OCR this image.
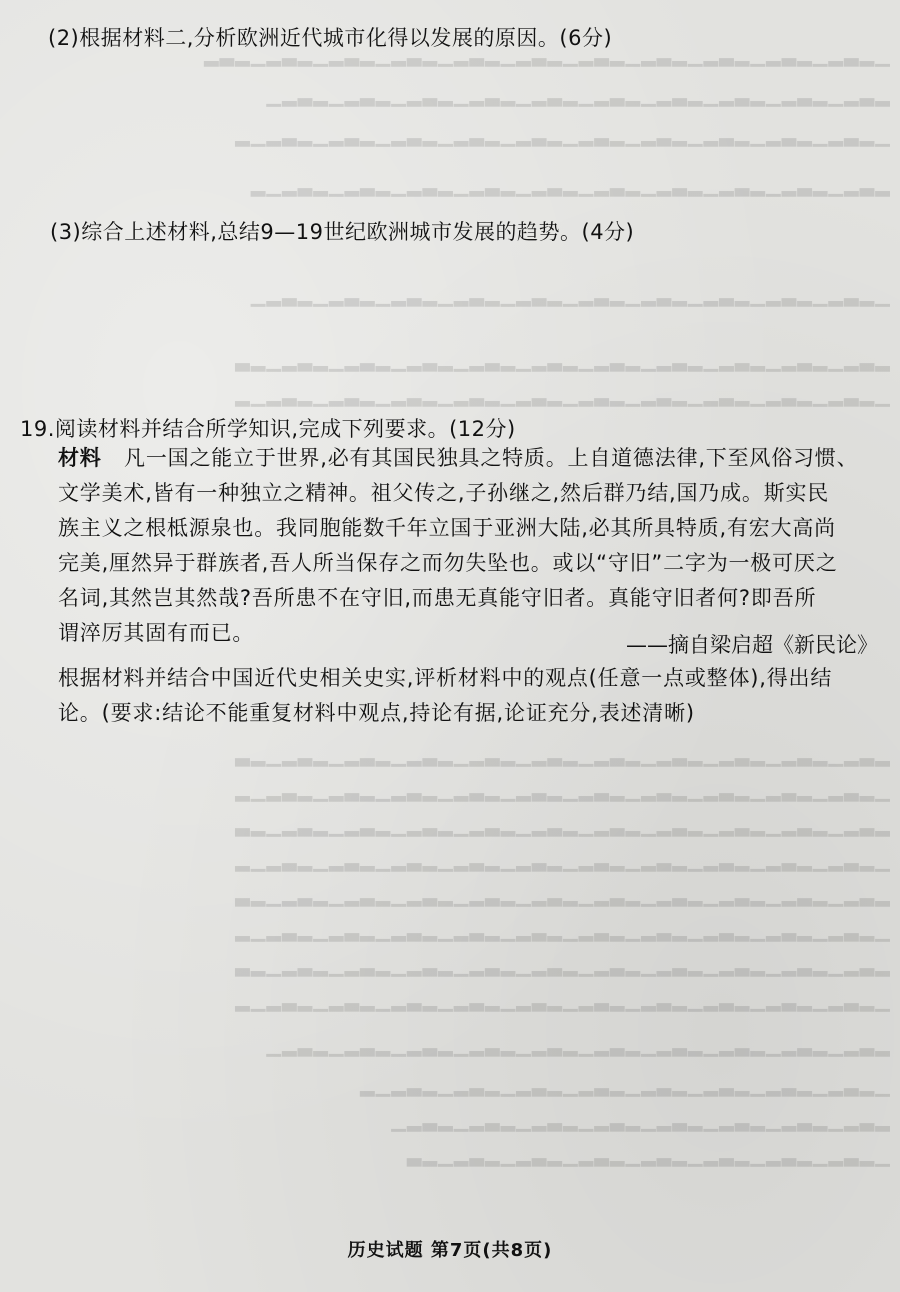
▁▂▃▂▁▂▃▂▁▂▃▂▁▂▃▂▁▂▃▂▁▂▃▂▁▂▃▂▁▂▃▂▁▂▃▂▁▂▃▂▁▂▃▂
▂▃▂▁▂▃▂▁▂▃▂▁▂▃▂▁▂▃▂▁▂▃▂▁▂▃▂▁▂▃▂▁▂▃▂▁▂▃▂▁
▁▂▃▂▁▂▃▂▁▂▃▂▁▂▃▂▁▂▃▂▁▂▃▂▁▂▃▂▁▂▃▂▁▂▃▂▁▂▃▂▁▂
▂▃▂▁▂▃▂▁▂▃▂▁▂▃▂▁▂▃▂▁▂▃▂▁▂▃▂▁▂▃▂▁▂▃▂▁▂▃▂▁▂
▁▂▃▂▁▂▃▂▁▂▃▂▁▂▃▂▁▂▃▂▁▂▃▂▁▂▃▂▁▂▃▂▁▂▃▂▁▂▃▂▁
▂▃▂▁▂▃▂▁▂▃▂▁▂▃▂▁▂▃▂▁▂▃▂▁▂▃▂▁▂▃▂▁▂▃▂▁▂▃▂▁▂▃
▁▂▃▂▁▂▃▂▁▂▃▂▁▂▃▂▁▂▃▂▁▂▃▂▁▂▃▂▁▂▃▂▁▂▃▂▁▂▃▂▁▂
▂▃▂▁▂▃▂▁▂▃▂▁▂▃▂▁▂▃▂▁▂▃▂▁▂▃▂▁▂▃▂▁▂▃▂▁▂▃▂▁▂▃
▁▂▃▂▁▂▃▂▁▂▃▂▁▂▃▂▁▂▃▂▁▂▃▂▁▂▃▂▁▂▃▂▁▂▃▂▁▂▃▂▁▂
▂▃▂▁▂▃▂▁▂▃▂▁▂▃▂▁▂▃▂▁▂▃▂▁▂▃▂▁▂▃▂▁▂▃▂▁▂▃▂▁▂▃
▁▂▃▂▁▂▃▂▁▂▃▂▁▂▃▂▁▂▃▂▁▂▃▂▁▂▃▂▁▂▃▂▁▂▃▂▁▂▃▂▁▂
▂▃▂▁▂▃▂▁▂▃▂▁▂▃▂▁▂▃▂▁▂▃▂▁▂▃▂▁▂▃▂▁▂▃▂▁▂▃▂▁▂▃
▁▂▃▂▁▂▃▂▁▂▃▂▁▂▃▂▁▂▃▂▁▂▃▂▁▂▃▂▁▂▃▂▁▂▃▂▁▂▃▂▁▂
▂▃▂▁▂▃▂▁▂▃▂▁▂▃▂▁▂▃▂▁▂▃▂▁▂▃▂▁▂▃▂▁▂▃▂▁▂▃▂▁▂▃
▁▂▃▂▁▂▃▂▁▂▃▂▁▂▃▂▁▂▃▂▁▂▃▂▁▂▃▂▁▂▃▂▁▂▃▂▁▂▃▂▁▂
▂▃▂▁▂▃▂▁▂▃▂▁▂▃▂▁▂▃▂▁▂▃▂▁▂▃▂▁▂▃▂▁▂▃▂▁▂▃▂▁
▁▂▃▂▁▂▃▂▁▂▃▂▁▂▃▂▁▂▃▂▁▂▃▂▁▂▃▂▁▂▃▂▁▂
▂▃▂▁▂▃▂▁▂▃▂▁▂▃▂▁▂▃▂▁▂▃▂▁▂▃▂▁▂▃▂▁
▁▂▃▂▁▂▃▂▁▂▃▂▁▂▃▂▁▂▃▂▁▂▃▂▁▂▃▂▁▂▃
(2)根据材料二,分析欧洲近代城市化得以发展的原因。(6分)
(3)综合上述材料,总结9—19世纪欧洲城市发展的趋势。(4分)
19.阅读材料并结合所学知识,完成下列要求。(12分)
材料 凡一国之能立于世界,必有其国民独具之特质。上自道德法律,下至风俗习惯、
文学美术,皆有一种独立之精神。祖父传之,子孙继之,然后群乃结,国乃成。斯实民
族主义之根柢源泉也。我同胞能数千年立国于亚洲大陆,必其所具特质,有宏大高尚
完美,厘然异于群族者,吾人所当保存之而勿失坠也。或以“守旧”二字为一极可厌之
名词,其然岂其然哉?吾所患不在守旧,而患无真能守旧者。真能守旧者何?即吾所
谓淬厉其固有而已。	——摘自梁启超《新民论》
根据材料并结合中国近代史相关史实,评析材料中的观点(任意一点或整体),得出结
论。(要求:结论不能重复材料中观点,持论有据,论证充分,表述清晰)
历史试题 第7页(共8页)
